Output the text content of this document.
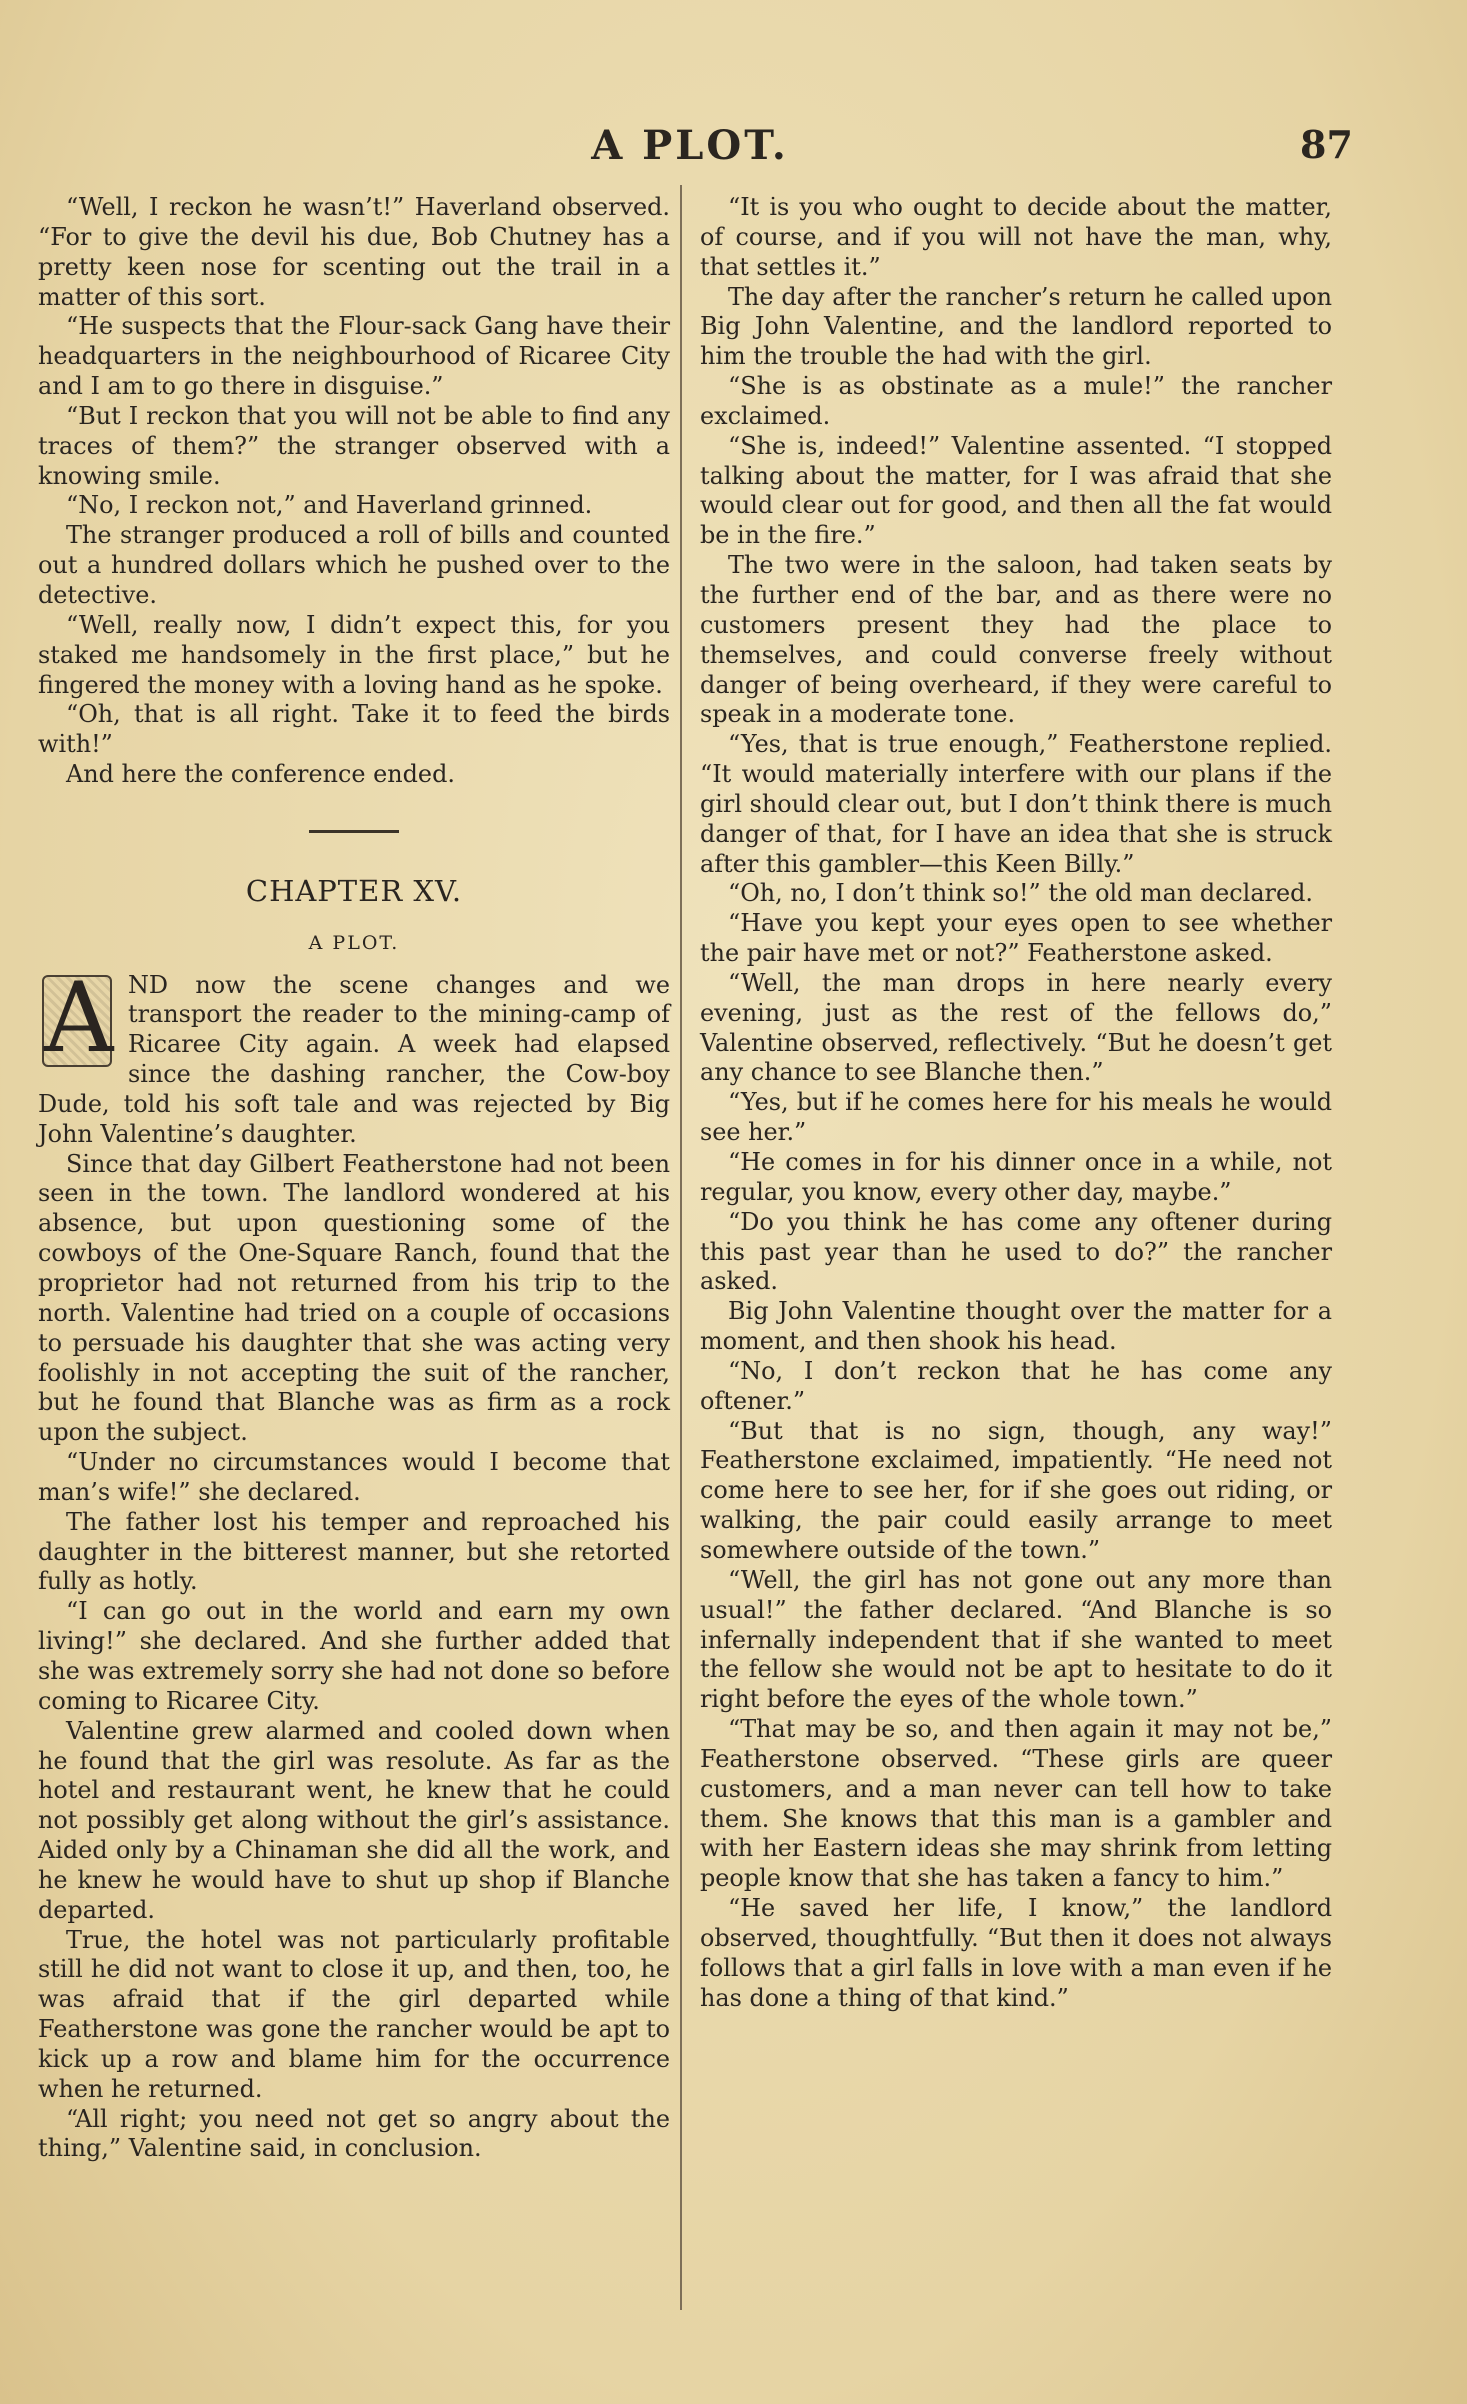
A PLOT.	87

“Well, I reckon he wasn’t!” Haverland observed. “For to give the devil his due, Bob Chutney has a pretty keen nose for scenting out the trail in a matter of this sort.

“He suspects that the Flour-sack Gang have their headquarters in the neighbourhood of Ricaree City and I am to go there in disguise.”

“But I reckon that you will not be able to find any traces of them?” the stranger observed with a knowing smile.

“No, I reckon not,” and Haverland grinned.

The stranger produced a roll of bills and counted out a hundred dollars which he pushed over to the detective.

“Well, really now, I didn’t expect this, for you staked me handsomely in the first place,” but he fingered the money with a loving hand as he spoke.

“Oh, that is all right. Take it to feed the birds with!”

And here the conference ended.

CHAPTER XV.

A PLOT.

A ND now the scene changes and we transport the reader to the mining-camp of Ricaree City again. A week had elapsed since the dashing rancher, the Cow-boy Dude, told his soft tale and was rejected by Big John Valentine’s daughter.

Since that day Gilbert Featherstone had not been seen in the town. The landlord wondered at his absence, but upon questioning some of the cowboys of the One-Square Ranch, found that the proprietor had not returned from his trip to the north. Valentine had tried on a couple of occasions to persuade his daughter that she was acting very foolishly in not accepting the suit of the rancher, but he found that Blanche was as firm as a rock upon the subject.

“Under no circumstances would I become that man’s wife!” she declared.

The father lost his temper and reproached his daughter in the bitterest manner, but she retorted fully as hotly.

“I can go out in the world and earn my own living!” she declared. And she further added that she was extremely sorry she had not done so before coming to Ricaree City.

Valentine grew alarmed and cooled down when he found that the girl was resolute. As far as the hotel and restaurant went, he knew that he could not possibly get along without the girl’s assistance. Aided only by a Chinaman she did all the work, and he knew he would have to shut up shop if Blanche departed.

True, the hotel was not particularly profitable still he did not want to close it up, and then, too, he was afraid that if the girl departed while Featherstone was gone the rancher would be apt to kick up a row and blame him for the occurrence when he returned.

“All right; you need not get so angry about the thing,” Valentine said, in conclusion.

“It is you who ought to decide about the matter, of course, and if you will not have the man, why, that settles it.”

The day after the rancher’s return he called upon Big John Valentine, and the landlord reported to him the trouble the had with the girl.

“She is as obstinate as a mule!” the rancher exclaimed.

“She is, indeed!” Valentine assented. “I stopped talking about the matter, for I was afraid that she would clear out for good, and then all the fat would be in the fire.”

The two were in the saloon, had taken seats by the further end of the bar, and as there were no customers present they had the place to themselves, and could converse freely without danger of being overheard, if they were careful to speak in a moderate tone.

“Yes, that is true enough,” Featherstone replied. “It would materially interfere with our plans if the girl should clear out, but I don’t think there is much danger of that, for I have an idea that she is struck after this gambler—this Keen Billy.”

“Oh, no, I don’t think so!” the old man declared.

“Have you kept your eyes open to see whether the pair have met or not?” Featherstone asked.

“Well, the man drops in here nearly every evening, just as the rest of the fellows do,” Valentine observed, reflectively. “But he doesn’t get any chance to see Blanche then.”

“Yes, but if he comes here for his meals he would see her.”

“He comes in for his dinner once in a while, not regular, you know, every other day, maybe.”

“Do you think he has come any oftener during this past year than he used to do?” the rancher asked.

Big John Valentine thought over the matter for a moment, and then shook his head.

“No, I don’t reckon that he has come any oftener.”

“But that is no sign, though, any way!” Featherstone exclaimed, impatiently. “He need not come here to see her, for if she goes out riding, or walking, the pair could easily arrange to meet somewhere outside of the town.”

“Well, the girl has not gone out any more than usual!” the father declared. “And Blanche is so infernally independent that if she wanted to meet the fellow she would not be apt to hesitate to do it right before the eyes of the whole town.”

“That may be so, and then again it may not be,” Featherstone observed. “These girls are queer customers, and a man never can tell how to take them. She knows that this man is a gambler and with her Eastern ideas she may shrink from letting people know that she has taken a fancy to him.”

“He saved her life, I know,” the landlord observed, thoughtfully. “But then it does not always follows that a girl falls in love with a man even if he has done a thing of that kind.”
